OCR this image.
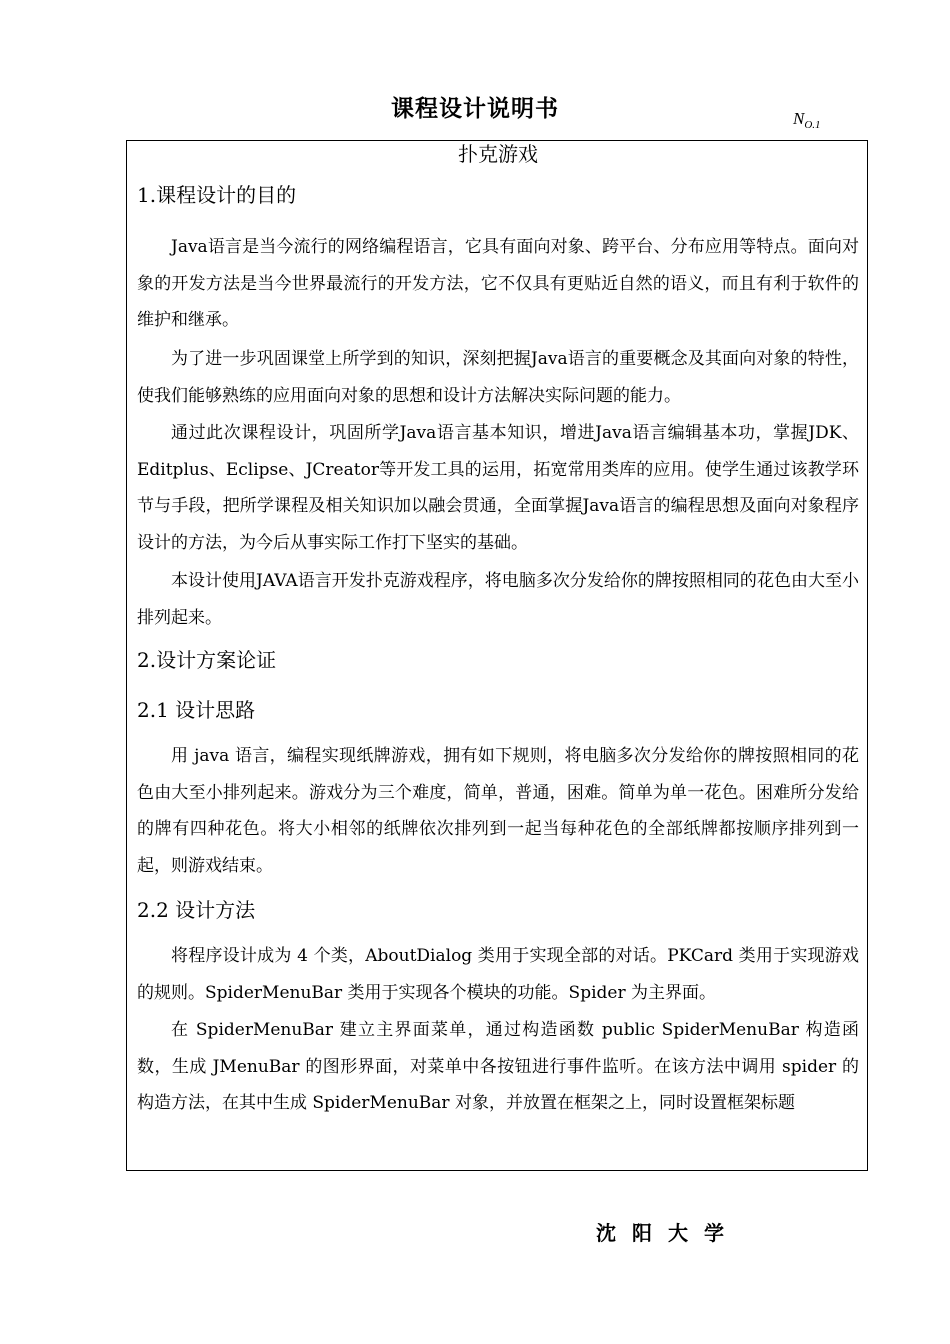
课程设计说明书	$N_{O.1}$
扑克游戏
1.课程设计的目的
Java语言是当今流行的网络编程语言，它具有面向对象、跨平台、分布应用等特点。面向对象的开发方法是当今世界最流行的开发方法，它不仅具有更贴近自然的语义，而且有利于软件的维护和继承。
为了进一步巩固课堂上所学到的知识，深刻把握Java语言的重要概念及其面向对象的特性，使我们能够熟练的应用面向对象的思想和设计方法解决实际问题的能力。
通过此次课程设计，巩固所学Java语言基本知识，增进Java语言编辑基本功，掌握JDK、Editplus、Eclipse、JCreator等开发工具的运用，拓宽常用类库的应用。使学生通过该教学环节与手段，把所学课程及相关知识加以融会贯通，全面掌握Java语言的编程思想及面向对象程序设计的方法，为今后从事实际工作打下坚实的基础。
本设计使用JAVA语言开发扑克游戏程序，将电脑多次分发给你的牌按照相同的花色由大至小排列起来。
2.设计方案论证
2.1 设计思路
用 java 语言，编程实现纸牌游戏，拥有如下规则，将电脑多次分发给你的牌按照相同的花色由大至小排列起来。游戏分为三个难度，简单，普通，困难。简单为单一花色。困难所分发给的牌有四种花色。将大小相邻的纸牌依次排列到一起当每种花色的全部纸牌都按顺序排列到一起，则游戏结束。
2.2 设计方法
将程序设计成为 4 个类，AboutDialog 类用于实现全部的对话。PKCard 类用于实现游戏的规则。SpiderMenuBar 类用于实现各个模块的功能。Spider 为主界面。
在 SpiderMenuBar 建立主界面菜单，通过构造函数 public SpiderMenuBar 构造函数，生成 JMenuBar 的图形界面，对菜单中各按钮进行事件监听。在该方法中调用 spider 的构造方法，在其中生成 SpiderMenuBar 对象，并放置在框架之上，同时设置框架标题
沈阳大学
